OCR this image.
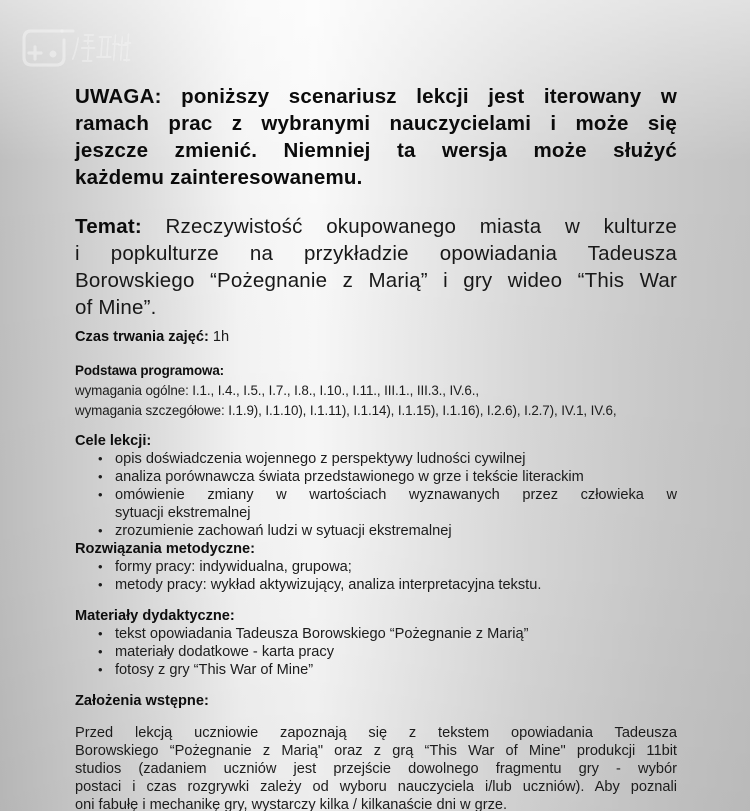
UWAGA: poniższy scenariusz lekcji jest iterowany w
ramach prac z wybranymi nauczycielami i może się
jeszcze zmienić. Niemniej ta wersja może służyć
każdemu zainteresowanemu.
Temat: Rzeczywistość okupowanego miasta w kulturze
i popkulturze na przykładzie opowiadania Tadeusza
Borowskiego “Pożegnanie z Marią” i gry wideo “This War
of Mine”.
Czas trwania zajęć: 1h
Podstawa programowa:
wymagania ogólne: I.1., I.4., I.5., I.7., I.8., I.10., I.11., III.1., III.3., IV.6.,
wymagania szczegółowe: I.1.9), I.1.10), I.1.11), I.1.14), I.1.15), I.1.16), I.2.6), I.2.7), IV.1, IV.6,
Cele lekcji:
• opis doświadczenia wojennego z perspektywy ludności cywilnej
• analiza porównawcza świata przedstawionego w grze i tekście literackim
• omówienie zmiany w wartościach wyznawanych przez człowieka w
sytuacji ekstremalnej
• zrozumienie zachowań ludzi w sytuacji ekstremalnej
Rozwiązania metodyczne:
• formy pracy: indywidualna, grupowa;
• metody pracy: wykład aktywizujący, analiza interpretacyjna tekstu.
Materiały dydaktyczne:
• tekst opowiadania Tadeusza Borowskiego “Pożegnanie z Marią”
• materiały dodatkowe - karta pracy
• fotosy z gry “This War of Mine”
Założenia wstępne:
Przed lekcją uczniowie zapoznają się z tekstem opowiadania Tadeusza
Borowskiego “Pożegnanie z Marią" oraz z grą “This War of Mine" produkcji 11bit
studios (zadaniem uczniów jest przejście dowolnego fragmentu gry - wybór
postaci i czas rozgrywki zależy od wyboru nauczyciela i/lub uczniów). Aby poznali
oni fabułę i mechanikę gry, wystarczy kilka / kilkanaście dni w grze.
